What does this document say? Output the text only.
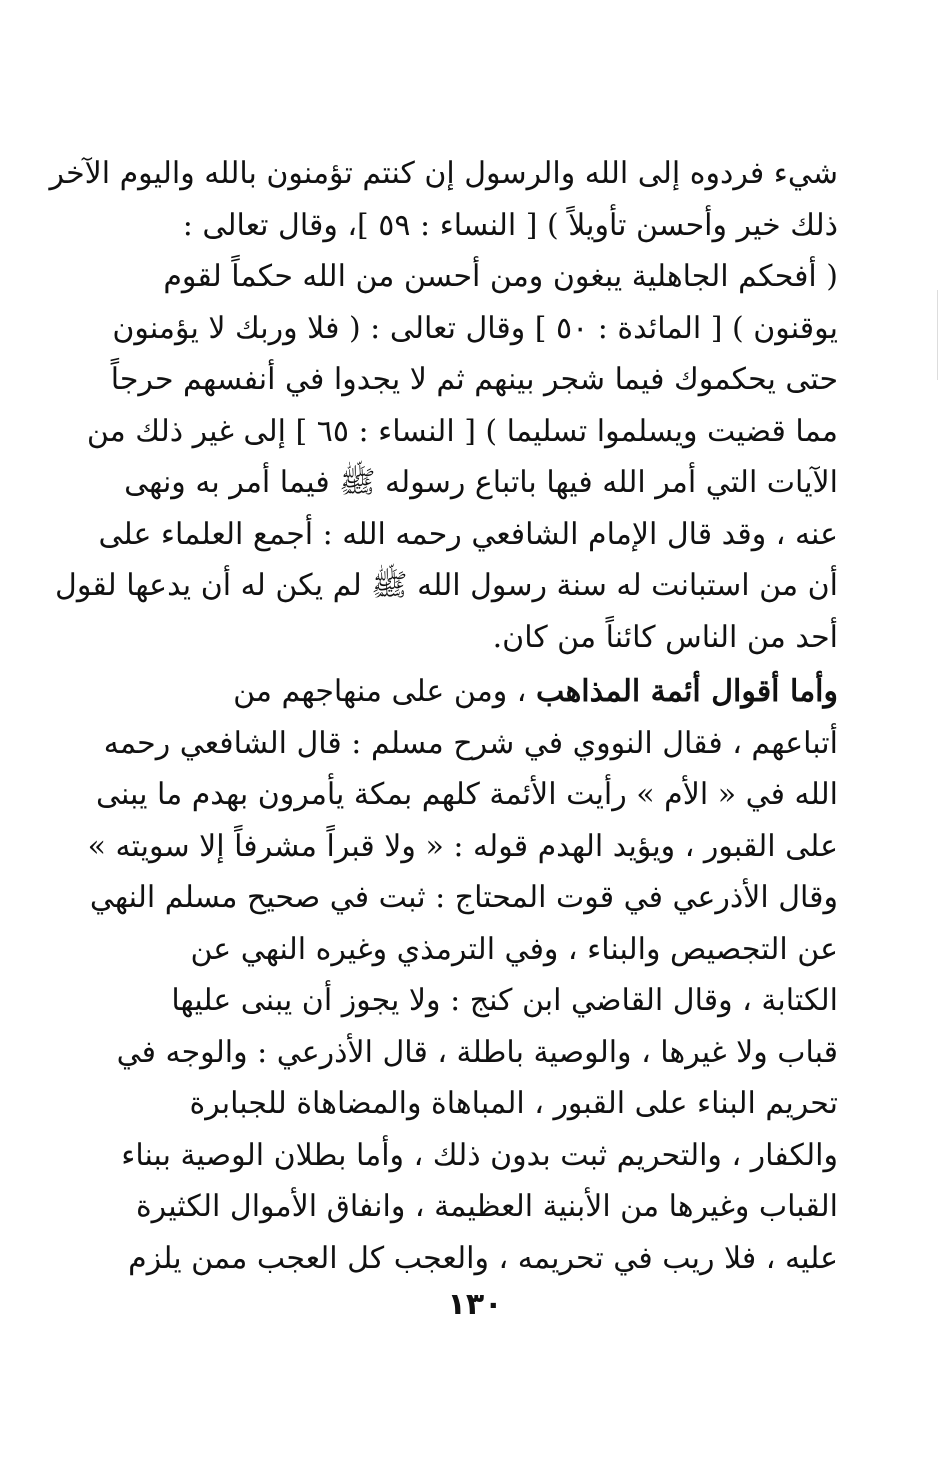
شيء فردوه إلى الله والرسول إن كنتم تؤمنون بالله واليوم الآخر
ذلك خير وأحسن تأويلاً ) [ النساء : ٥٩ ]، وقال تعالى :
( أفحكم الجاهلية يبغون ومن أحسن من الله حكماً لقوم
يوقنون ) [ المائدة : ٥٠ ] وقال تعالى : ( فلا وربك لا يؤمنون
حتى يحكموك فيما شجر بينهم ثم لا يجدوا في أنفسهم حرجاً
مما قضيت ويسلموا تسليما ) [ النساء : ٦٥ ] إلى غير ذلك من
الآيات التي أمر الله فيها باتباع رسوله ﷺ فيما أمر به ونهى
عنه ، وقد قال الإمام الشافعي رحمه الله : أجمع العلماء على
أن من استبانت له سنة رسول الله ﷺ لم يكن له أن يدعها لقول
أحد من الناس كائناً من كان.
وأما أقوال أئمة المذاهب ، ومن على منهاجهم من
أتباعهم ، فقال النووي في شرح مسلم : قال الشافعي رحمه
الله في « الأم » رأيت الأئمة كلهم بمكة يأمرون بهدم ما يبنى
على القبور ، ويؤيد الهدم قوله : « ولا قبراً مشرفاً إلا سويته »
وقال الأذرعي في قوت المحتاج : ثبت في صحيح مسلم النهي
عن التجصيص والبناء ، وفي الترمذي وغيره النهي عن
الكتابة ، وقال القاضي ابن كنج : ولا يجوز أن يبنى عليها
قباب ولا غيرها ، والوصية باطلة ، قال الأذرعي : والوجه في
تحريم البناء على القبور ، المباهاة والمضاهاة للجبابرة
والكفار ، والتحريم ثبت بدون ذلك ، وأما بطلان الوصية ببناء
القباب وغيرها من الأبنية العظيمة ، وانفاق الأموال الكثيرة
عليه ، فلا ريب في تحريمه ، والعجب كل العجب ممن يلزم
١٣٠
